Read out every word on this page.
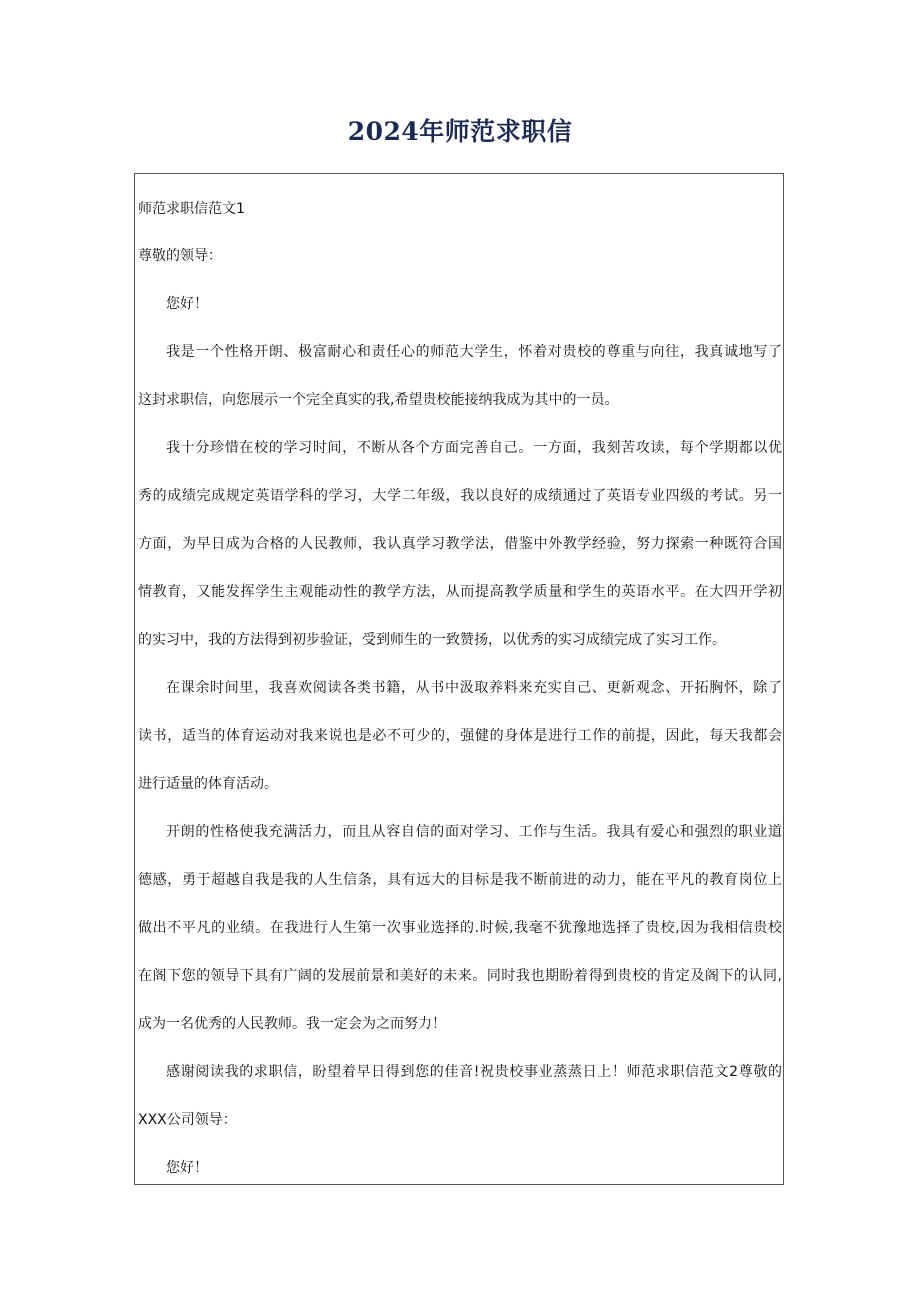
2024年师范求职信
师范求职信范文1
尊敬的领导：
您好！
我是一个性格开朗、极富耐心和责任心的师范大学生，怀着对贵校的尊重与向往，我真诚地写了
这封求职信，向您展示一个完全真实的我,希望贵校能接纳我成为其中的一员。
我十分珍惜在校的学习时间，不断从各个方面完善自己。一方面，我刻苦攻读，每个学期都以优
秀的成绩完成规定英语学科的学习，大学二年级，我以良好的成绩通过了英语专业四级的考试。另一
方面，为早日成为合格的人民教师，我认真学习教学法，借鉴中外教学经验，努力探索一种既符合国
情教育，又能发挥学生主观能动性的教学方法，从而提高教学质量和学生的英语水平。在大四开学初
的实习中，我的方法得到初步验证，受到师生的一致赞扬，以优秀的实习成绩完成了实习工作。
在课余时间里，我喜欢阅读各类书籍，从书中汲取养料来充实自己、更新观念、开拓胸怀，除了
读书，适当的体育运动对我来说也是必不可少的，强健的身体是进行工作的前提，因此，每天我都会
进行适量的体育活动。
开朗的性格使我充满活力，而且从容自信的面对学习、工作与生活。我具有爱心和强烈的职业道
德感，勇于超越自我是我的人生信条，具有远大的目标是我不断前进的动力，能在平凡的教育岗位上
做出不平凡的业绩。在我进行人生第一次事业选择的.时候,我毫不犹豫地选择了贵校,因为我相信贵校
在阁下您的领导下具有广阔的发展前景和美好的未来。同时我也期盼着得到贵校的肯定及阁下的认同,
成为一名优秀的人民教师。我一定会为之而努力！
感谢阅读我的求职信，盼望着早日得到您的佳音!祝贵校事业蒸蒸日上！师范求职信范文2尊敬的
XXX公司领导：
您好！
